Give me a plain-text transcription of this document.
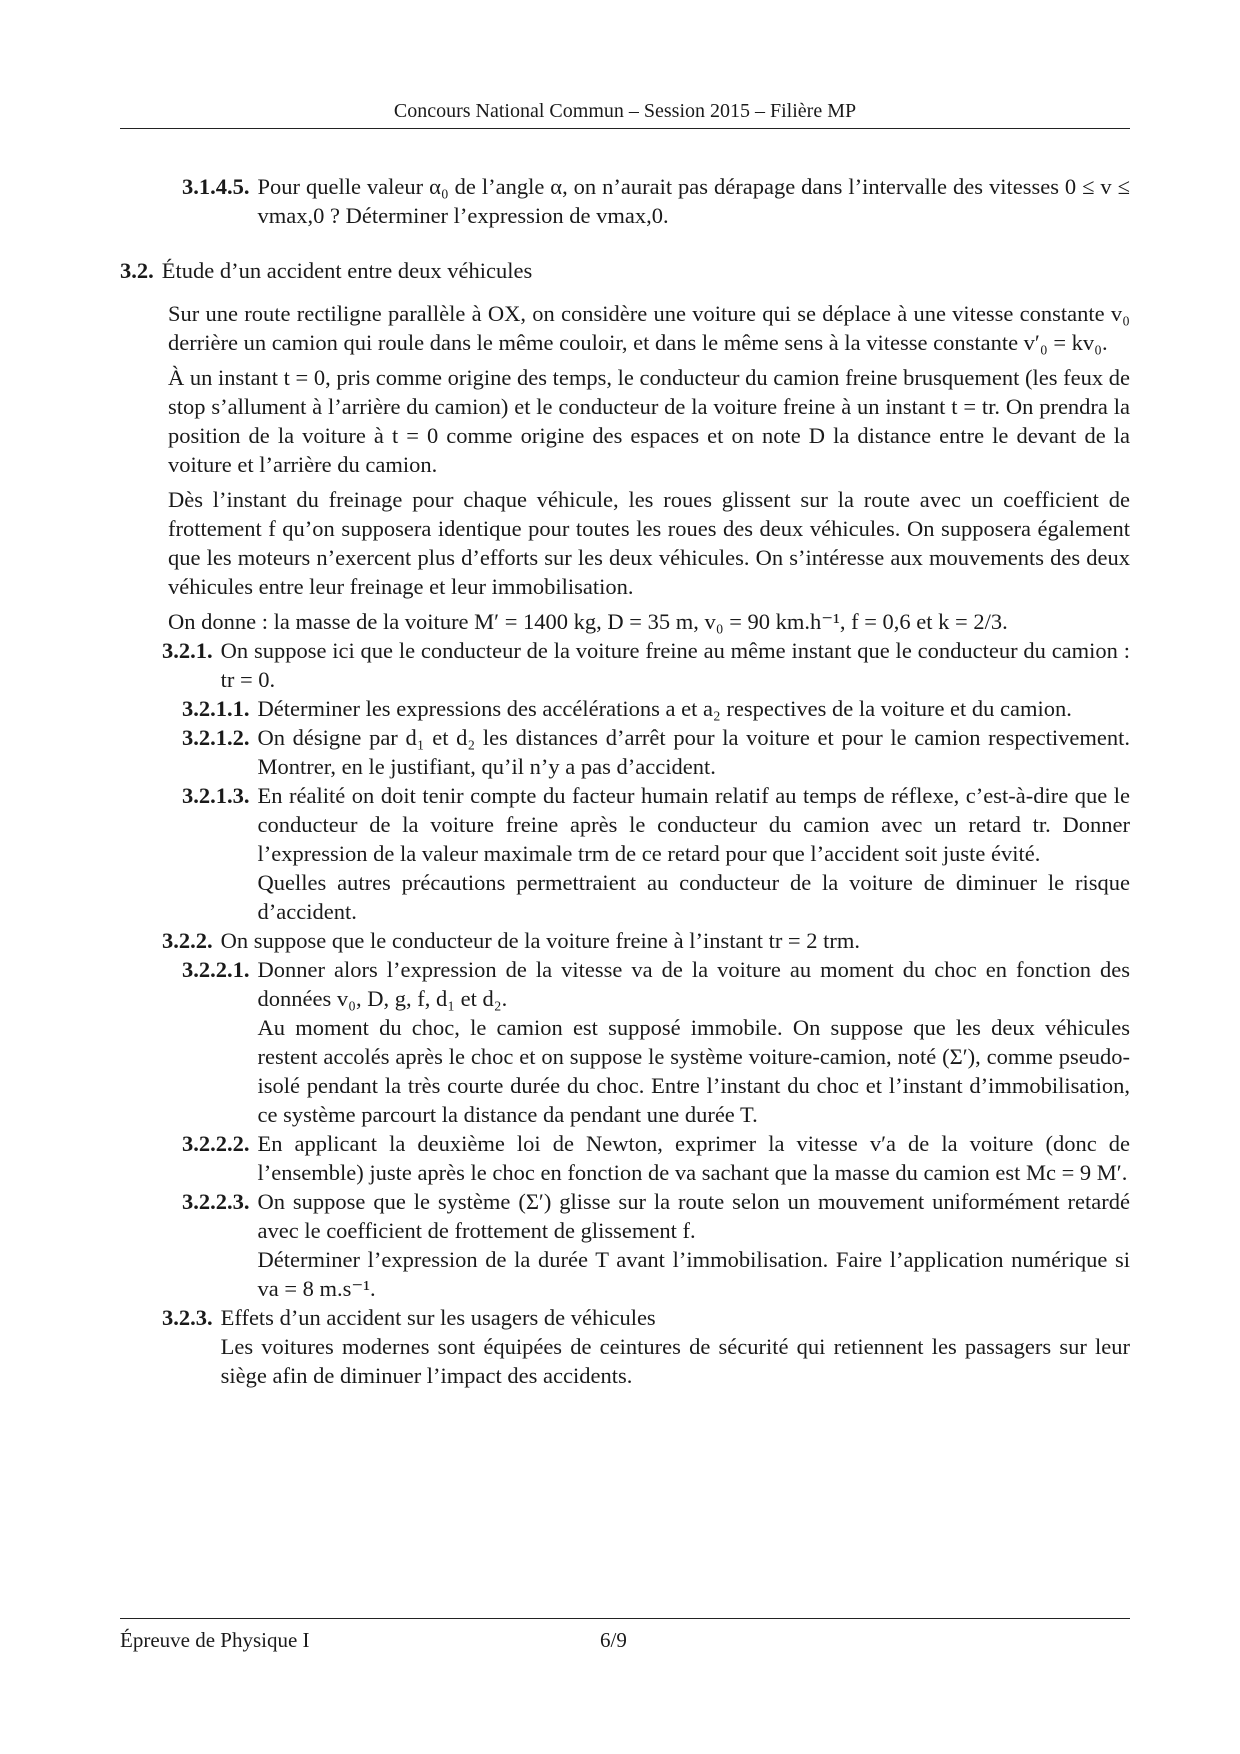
Concours National Commun – Session 2015 – Filière MP
3.1.4.5. Pour quelle valeur α₀ de l’angle α, on n’aurait pas dérapage dans l’intervalle des vitesses 0 ≤ v ≤ vmax,0 ? Déterminer l’expression de vmax,0.

3.2. Étude d’un accident entre deux véhicules

Sur une route rectiligne parallèle à OX, on considère une voiture qui se déplace à une vitesse constante v₀ derrière un camion qui roule dans le même couloir, et dans le même sens à la vitesse constante v′₀ = kv₀.

À un instant t = 0, pris comme origine des temps, le conducteur du camion freine brusquement (les feux de stop s’allument à l’arrière du camion) et le conducteur de la voiture freine à un instant t = tr. On prendra la position de la voiture à t = 0 comme origine des espaces et on note D la distance entre le devant de la voiture et l’arrière du camion.

Dès l’instant du freinage pour chaque véhicule, les roues glissent sur la route avec un coefficient de frottement f qu’on supposera identique pour toutes les roues des deux véhicules. On supposera également que les moteurs n’exercent plus d’efforts sur les deux véhicules. On s’intéresse aux mouvements des deux véhicules entre leur freinage et leur immobilisation.

On donne : la masse de la voiture M′ = 1400 kg, D = 35 m, v₀ = 90 km.h⁻¹, f = 0,6 et k = 2/3.

3.2.1. On suppose ici que le conducteur de la voiture freine au même instant que le conducteur du camion : tr = 0.

3.2.1.1. Déterminer les expressions des accélérations a et a₂ respectives de la voiture et du camion.

3.2.1.2. On désigne par d₁ et d₂ les distances d’arrêt pour la voiture et pour le camion respectivement. Montrer, en le justifiant, qu’il n’y a pas d’accident.

3.2.1.3. En réalité on doit tenir compte du facteur humain relatif au temps de réflexe, c’est-à-dire que le conducteur de la voiture freine après le conducteur du camion avec un retard tr. Donner l’expression de la valeur maximale trm de ce retard pour que l’accident soit juste évité.

Quelles autres précautions permettraient au conducteur de la voiture de diminuer le risque d’accident.

3.2.2. On suppose que le conducteur de la voiture freine à l’instant tr = 2 trm.

3.2.2.1. Donner alors l’expression de la vitesse va de la voiture au moment du choc en fonction des données v₀, D, g, f, d₁ et d₂.

Au moment du choc, le camion est supposé immobile. On suppose que les deux véhicules restent accolés après le choc et on suppose le système voiture-camion, noté (Σ′), comme pseudo-isolé pendant la très courte durée du choc. Entre l’instant du choc et l’instant d’immobilisation, ce système parcourt la distance da pendant une durée T.

3.2.2.2. En applicant la deuxième loi de Newton, exprimer la vitesse v′a de la voiture (donc de l’ensemble) juste après le choc en fonction de va sachant que la masse du camion est Mc = 9 M′.

3.2.2.3. On suppose que le système (Σ′) glisse sur la route selon un mouvement uniformément retardé avec le coefficient de frottement de glissement f.

Déterminer l’expression de la durée T avant l’immobilisation. Faire l’application numérique si va = 8 m.s⁻¹.

3.2.3. Effets d’un accident sur les usagers de véhicules

Les voitures modernes sont équipées de ceintures de sécurité qui retiennent les passagers sur leur siège afin de diminuer l’impact des accidents.

Épreuve de Physique I	6/9
